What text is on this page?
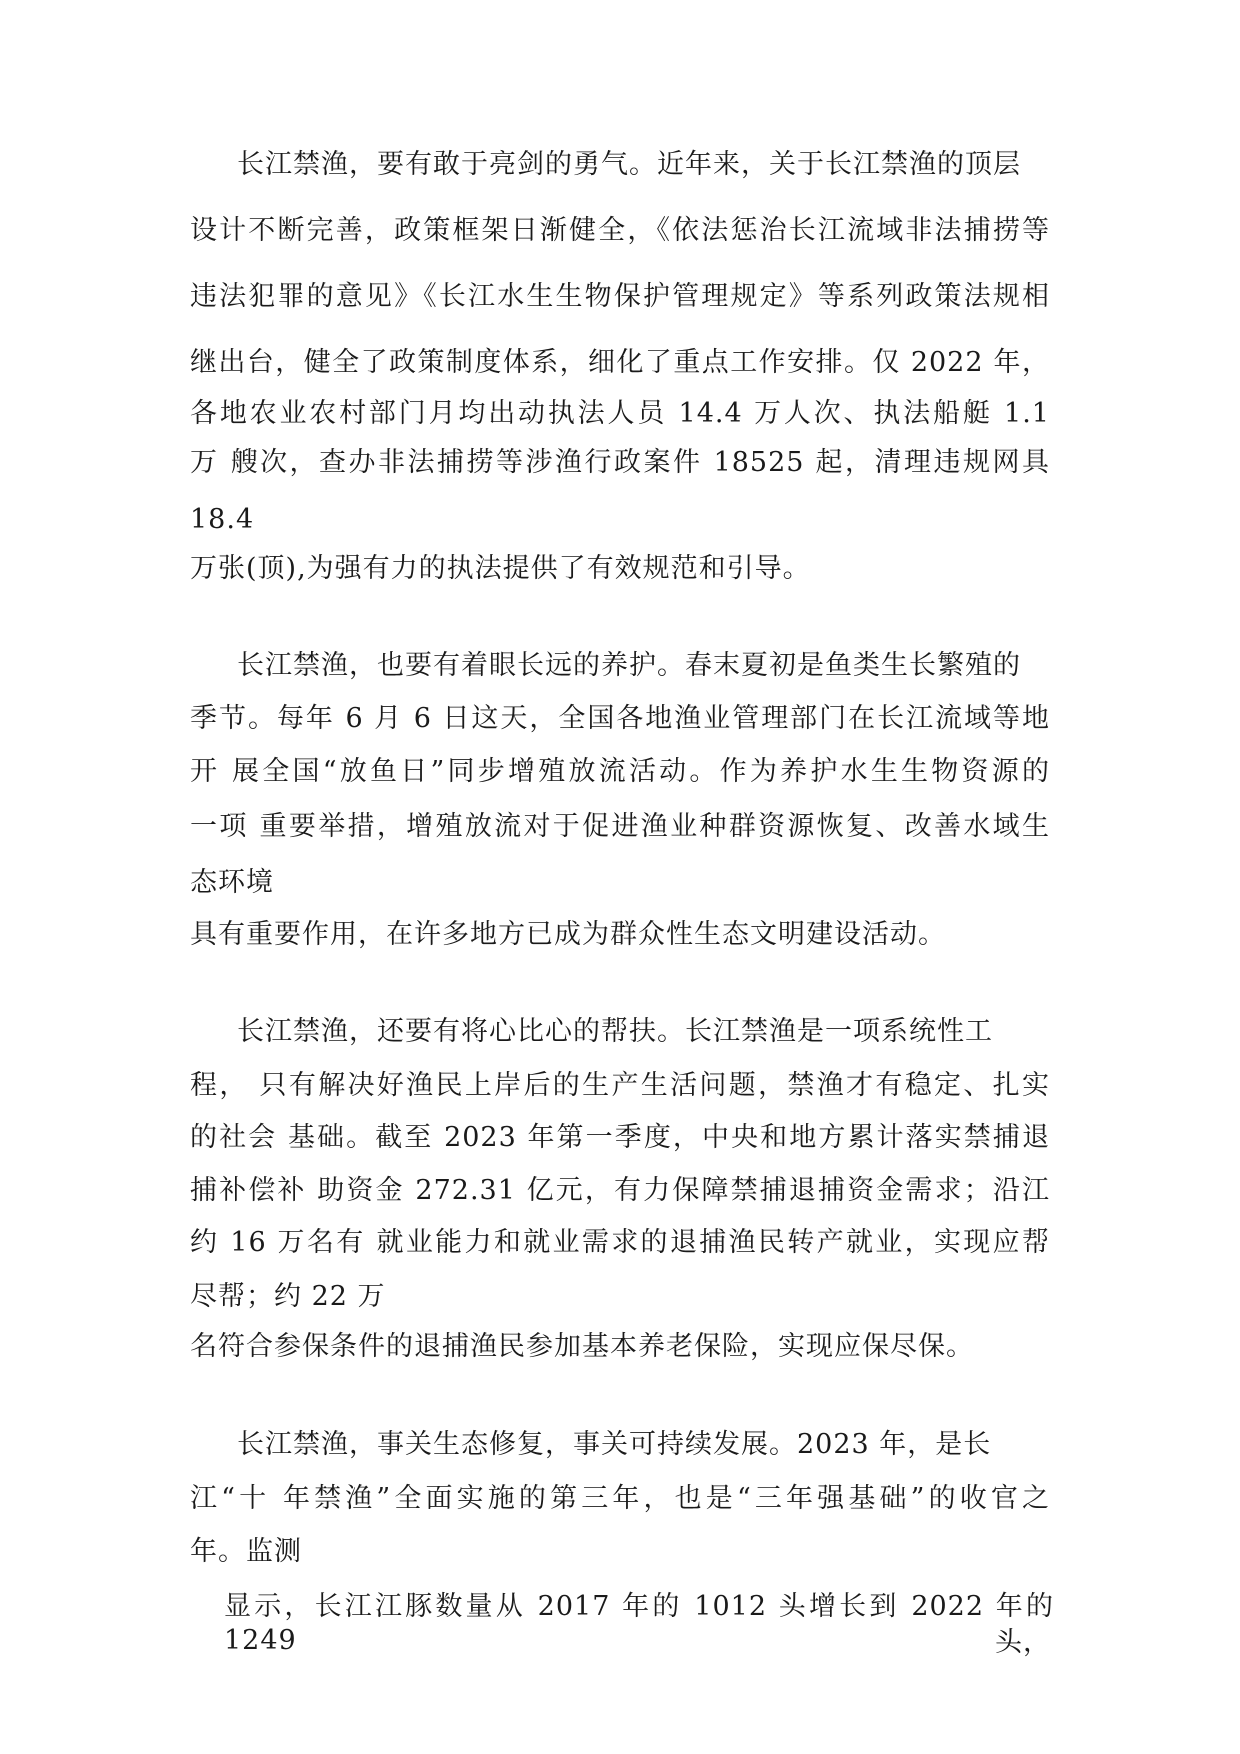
长江禁渔，要有敢于亮剑的勇气。近年来，关于长江禁渔的顶层
设计不断完善，政策框架日渐健全，《依法惩治长江流域非法捕捞等
违法犯罪的意见》《长江水生生物保护管理规定》等系列政策法规相
继出台，健全了政策制度体系，细化了重点工作安排。仅 2022 年，
各地农业农村部门月均出动执法人员 14.4 万人次、执法船艇 1.1
万 艘次，查办非法捕捞等涉渔行政案件 18525 起，清理违规网具
18.4
万张(顶),为强有力的执法提供了有效规范和引导。
长江禁渔，也要有着眼长远的养护。春末夏初是鱼类生长繁殖的
季节。每年 6 月 6 日这天，全国各地渔业管理部门在长江流域等地
开 展全国“放鱼日”同步增殖放流活动。作为养护水生生物资源的
一项 重要举措，增殖放流对于促进渔业种群资源恢复、改善水域生
态环境
具有重要作用，在许多地方已成为群众性生态文明建设活动。
长江禁渔，还要有将心比心的帮扶。长江禁渔是一项系统性工
程， 只有解决好渔民上岸后的生产生活问题，禁渔才有稳定、扎实
的社会 基础。截至 2023 年第一季度，中央和地方累计落实禁捕退
捕补偿补 助资金 272.31 亿元，有力保障禁捕退捕资金需求；沿江
约 16 万名有 就业能力和就业需求的退捕渔民转产就业，实现应帮
尽帮；约 22 万
名符合参保条件的退捕渔民参加基本养老保险，实现应保尽保。
长江禁渔，事关生态修复，事关可持续发展。2023 年，是长
江“十 年禁渔”全面实施的第三年，也是“三年强基础”的收官之
年。监测
显示，长江江豚数量从 2017 年的 1012 头增长到 2022 年的 1249	头，
